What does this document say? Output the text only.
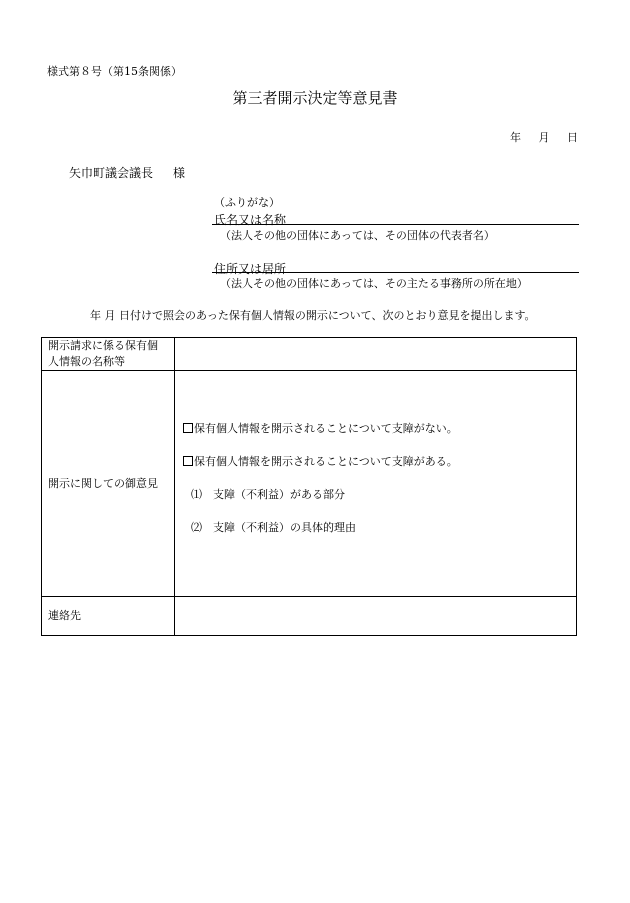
様式第８号（第15条関係）
第三者開示決定等意見書
年 月 日
矢巾町議会議長 様
（ふりがな）
氏名又は名称
（法人その他の団体にあっては、その団体の代表者名）
住所又は居所
（法人その他の団体にあっては、その主たる事務所の所在地）
年 月 日付けで照会のあった保有個人情報の開示について、次のとおり意見を提出します。
開示請求に係る保有個人情報の名称等	
開示に関しての御意見	保有個人情報を開示されることについて支障がない。
保有個人情報を開示されることについて支障がある。
⑴　支障（不利益）がある部分
⑵　支障（不利益）の具体的理由

連絡先	
